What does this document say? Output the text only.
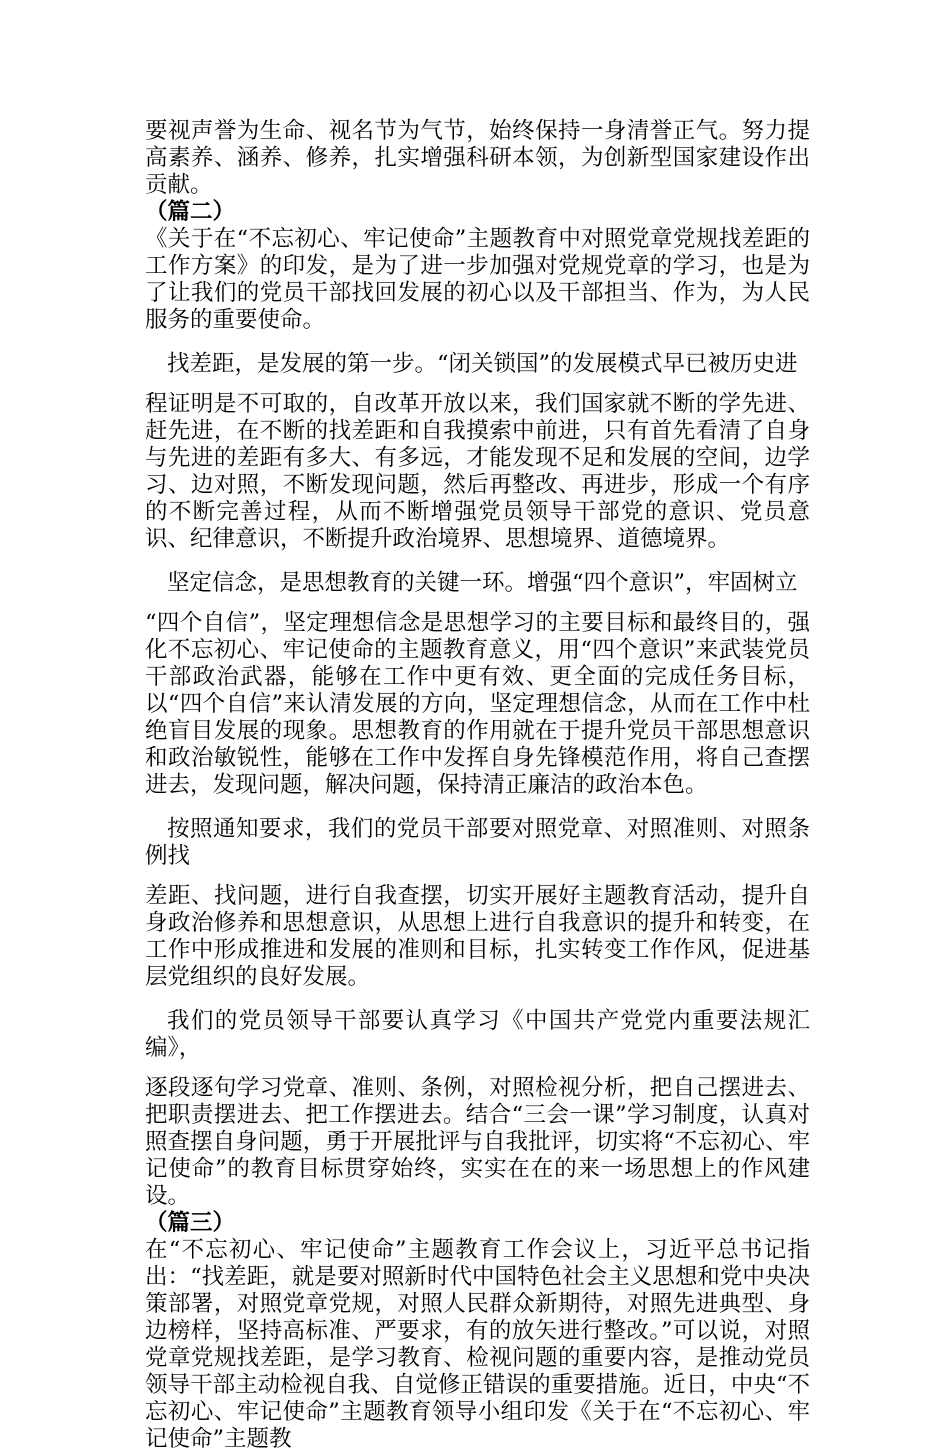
要视声誉为生命、视名节为气节，始终保持一身清誉正气。努力提高素养、涵养、修养，扎实增强科研本领，为创新型国家建设作出贡献。

（篇二）

《关于在“不忘初心、牢记使命”主题教育中对照党章党规找差距的工作方案》的印发，是为了进一步加强对党规党章的学习，也是为了让我们的党员干部找回发展的初心以及干部担当、作为，为人民服务的重要使命。

找差距，是发展的第一步。“闭关锁国”的发展模式早已被历史进

程证明是不可取的，自改革开放以来，我们国家就不断的学先进、赶先进，在不断的找差距和自我摸索中前进，只有首先看清了自身与先进的差距有多大、有多远，才能发现不足和发展的空间，边学习、边对照，不断发现问题，然后再整改、再进步，形成一个有序的不断完善过程，从而不断增强党员领导干部党的意识、党员意识、纪律意识，不断提升政治境界、思想境界、道德境界。

坚定信念，是思想教育的关键一环。增强“四个意识”，牢固树立

“四个自信”，坚定理想信念是思想学习的主要目标和最终目的，强化不忘初心、牢记使命的主题教育意义，用“四个意识”来武装党员干部政治武器，能够在工作中更有效、更全面的完成任务目标，以“四个自信”来认清发展的方向，坚定理想信念，从而在工作中杜绝盲目发展的现象。思想教育的作用就在于提升党员干部思想意识和政治敏锐性，能够在工作中发挥自身先锋模范作用，将自己查摆进去，发现问题，解决问题，保持清正廉洁的政治本色。

按照通知要求，我们的党员干部要对照党章、对照准则、对照条例找

差距、找问题，进行自我查摆，切实开展好主题教育活动，提升自身政治修养和思想意识，从思想上进行自我意识的提升和转变，在工作中形成推进和发展的准则和目标，扎实转变工作作风，促进基层党组织的良好发展。

我们的党员领导干部要认真学习《中国共产党党内重要法规汇编》，

逐段逐句学习党章、准则、条例，对照检视分析，把自己摆进去、把职责摆进去、把工作摆进去。结合“三会一课”学习制度，认真对照查摆自身问题，勇于开展批评与自我批评，切实将“不忘初心、牢记使命”的教育目标贯穿始终，实实在在的来一场思想上的作风建设。

（篇三）

在“不忘初心、牢记使命”主题教育工作会议上，习近平总书记指出：“找差距，就是要对照新时代中国特色社会主义思想和党中央决策部署，对照党章党规，对照人民群众新期待，对照先进典型、身边榜样，坚持高标准、严要求，有的放矢进行整改。”可以说，对照党章党规找差距，是学习教育、检视问题的重要内容，是推动党员领导干部主动检视自我、自觉修正错误的重要措施。近日，中央“不忘初心、牢记使命”主题教育领导小组印发《关于在“不忘初心、牢记使命”主题教
